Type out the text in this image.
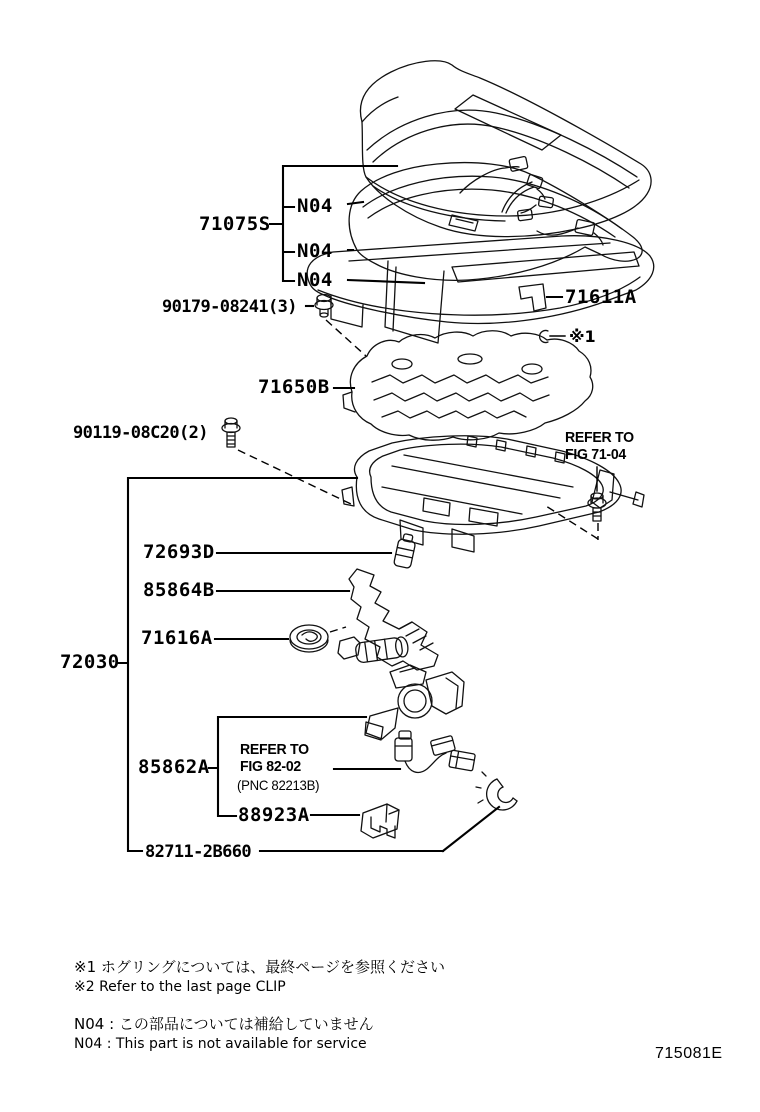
71075S
N04
N04
N04
90179-08241(3)	71611A
※1
71650B
90119-08C20(2)	REFER TO
FIG 71-04
72693D
85864B
71616A
72030
85862A
REFER TO
FIG 82-02
(PNC 82213B)
88923A
82711-2B660
※1 ホグリングについては、最終ページを参照ください
※2 Refer to the last page CLIP
N04 : この部品については補給していません
N04 : This part is not available for service
715081E
